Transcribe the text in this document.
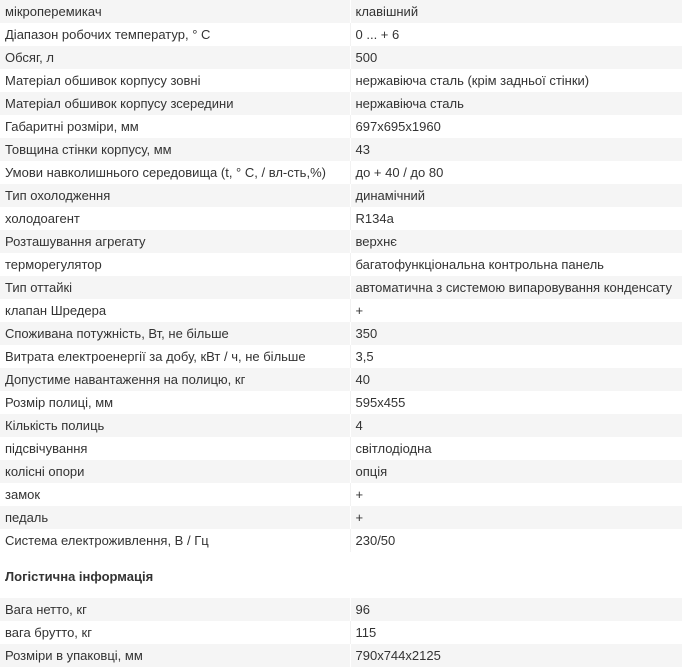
мікроперемикач	клавішний
Діапазон робочих температур, ° С	0 ... + 6
Обсяг, л	500
Матеріал обшивок корпусу зовні	нержавіюча сталь (крім задньої стінки)
Матеріал обшивок корпусу зсередини	нержавіюча сталь
Габаритні розміри, мм	697x695x1960
Товщина стінки корпусу, мм	43
Умови навколишнього середовища (t, ° С, / вл-сть,%)	до + 40 / до 80
Тип охолодження	динамічний
холодоагент	R134a
Розташування агрегату	верхнє
терморегулятор	багатофункціональна контрольна панель
Тип оттайкі	автоматична з системою випаровування конденсату
клапан Шредера	+
Споживана потужність, Вт, не більше	350
Витрата електроенергії за добу, кВт / ч, не більше	3,5
Допустиме навантаження на полицю, кг	40
Розмір полиці, мм	595x455
Кількість полиць	4
підсвічування	світлодіодна
колісні опори	опція
замок	+
педаль	+
Система електроживлення, В / Гц	230/50
Логістична інформація
Вага нетто, кг	96
вага брутто, кг	115
Розміри в упаковці, мм	790x744x2125
